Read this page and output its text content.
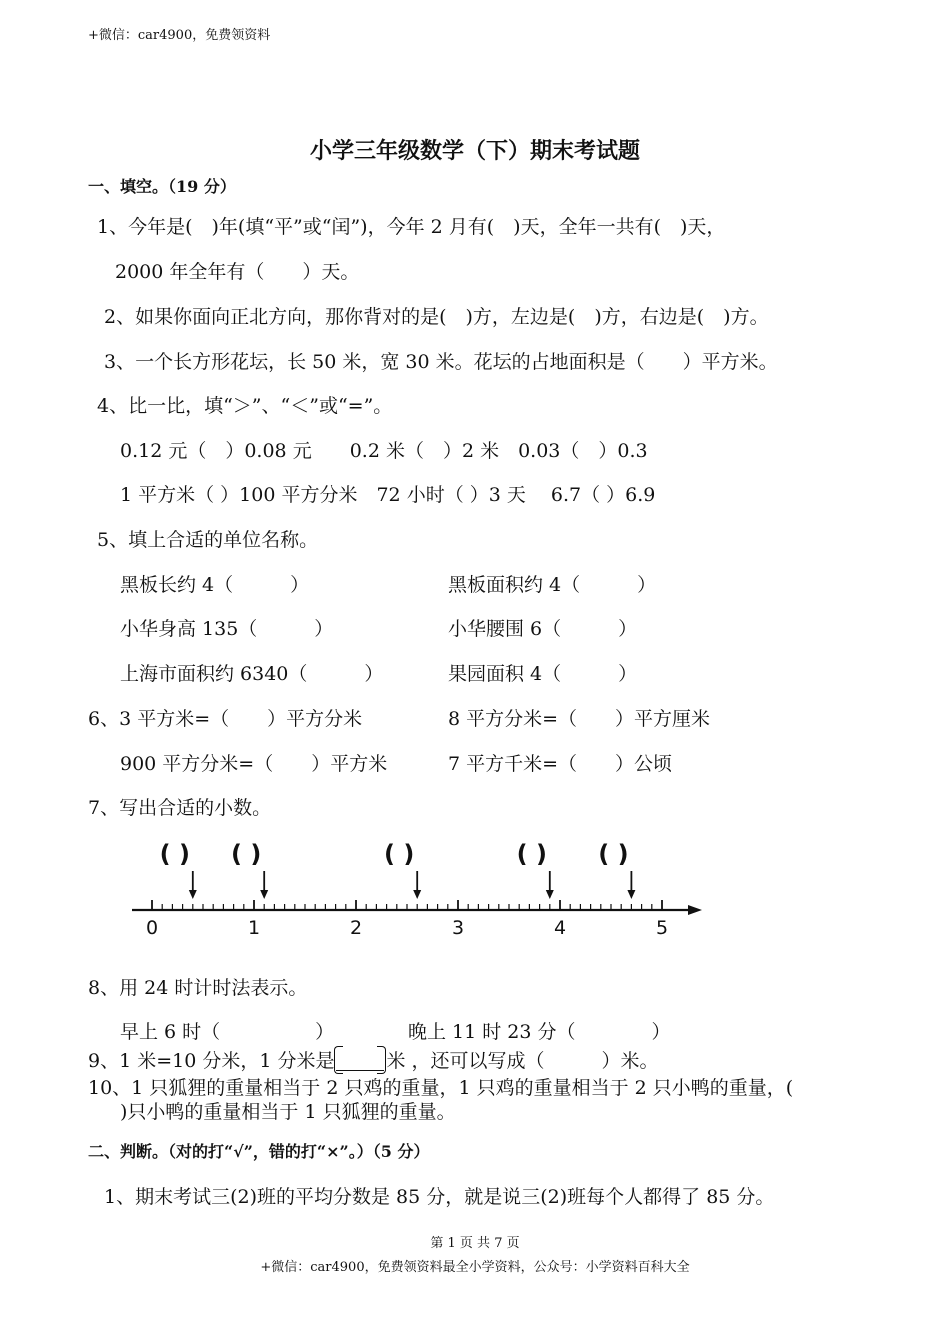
+微信：car4900，免费领资料
小学三年级数学（下）期末考试题
一、填空。（19 分）
1、今年是(　)年(填“平”或“闰”)，今年 2 月有(　)天，全年一共有(　)天，
2000 年全年有（　　）天。
2、如果你面向正北方向，那你背对的是(　)方，左边是(　)方，右边是(　)方。
3、一个长方形花坛，长 50 米，宽 30 米。花坛的占地面积是（　　）平方米。
4、比一比，填“＞”、“＜”或“=”。
0.12 元（　）0.08 元　　0.2 米（　）2 米　0.03（　）0.3
1 平方米（ ）100 平方分米　72 小时（ ）3 天　 6.7（ ）6.9
5、填上合适的单位名称。
黑板长约 4（　　　）	黑板面积约 4（　　　）
小华身高 135（　　　）	小华腰围 6（　　　）
上海市面积约 6340（　　　）	果园面积 4（　　　）
6、3 平方米=（　　）平方分米	8 平方分米=（　　）平方厘米
900 平方分米=（　　）平方米	7 平方千米=（　　）公顷
7、写出合适的小数。
( ) ( )	( )	( ) ( )
0	1	2	3	4	5
8、用 24 时计时法表示。
早上 6 时（　　　　　）	晚上 11 时 23 分（　　　　）
9、1 米=10 分米，1 分米是	米 ，还可以写成（　　　）米。
10、1 只狐狸的重量相当于 2 只鸡的重量，1 只鸡的重量相当于 2 只小鸭的重量，(
)只小鸭的重量相当于 1 只狐狸的重量。
二、判断。（对的打“√”，错的打“×”。）（5 分）
1、期末考试三(2)班的平均分数是 85 分，就是说三(2)班每个人都得了 85 分。
第 1 页 共 7 页
+微信：car4900，免费领资料最全小学资料，公众号：小学资料百科大全
